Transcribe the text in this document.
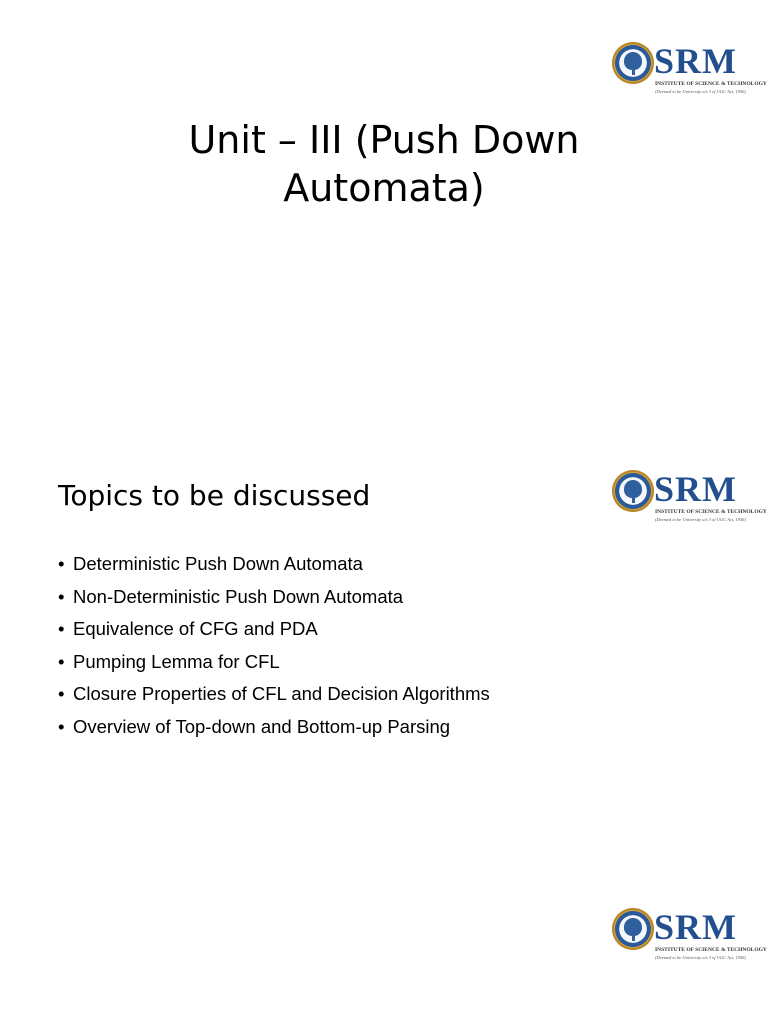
SRM
INSTITUTE OF SCIENCE & TECHNOLOGY
(Deemed to be University u/s 3 of UGC Act, 1956)
Unit – III (Push Down
Automata)
SRM
INSTITUTE OF SCIENCE & TECHNOLOGY
(Deemed to be University u/s 3 of UGC Act, 1956)
Topics to be discussed
• Deterministic Push Down Automata
• Non-Deterministic Push Down Automata
• Equivalence of CFG and PDA
• Pumping Lemma for CFL
• Closure Properties of CFL and Decision Algorithms
• Overview of Top-down and Bottom-up Parsing
SRM
INSTITUTE OF SCIENCE & TECHNOLOGY
(Deemed to be University u/s 3 of UGC Act, 1956)
